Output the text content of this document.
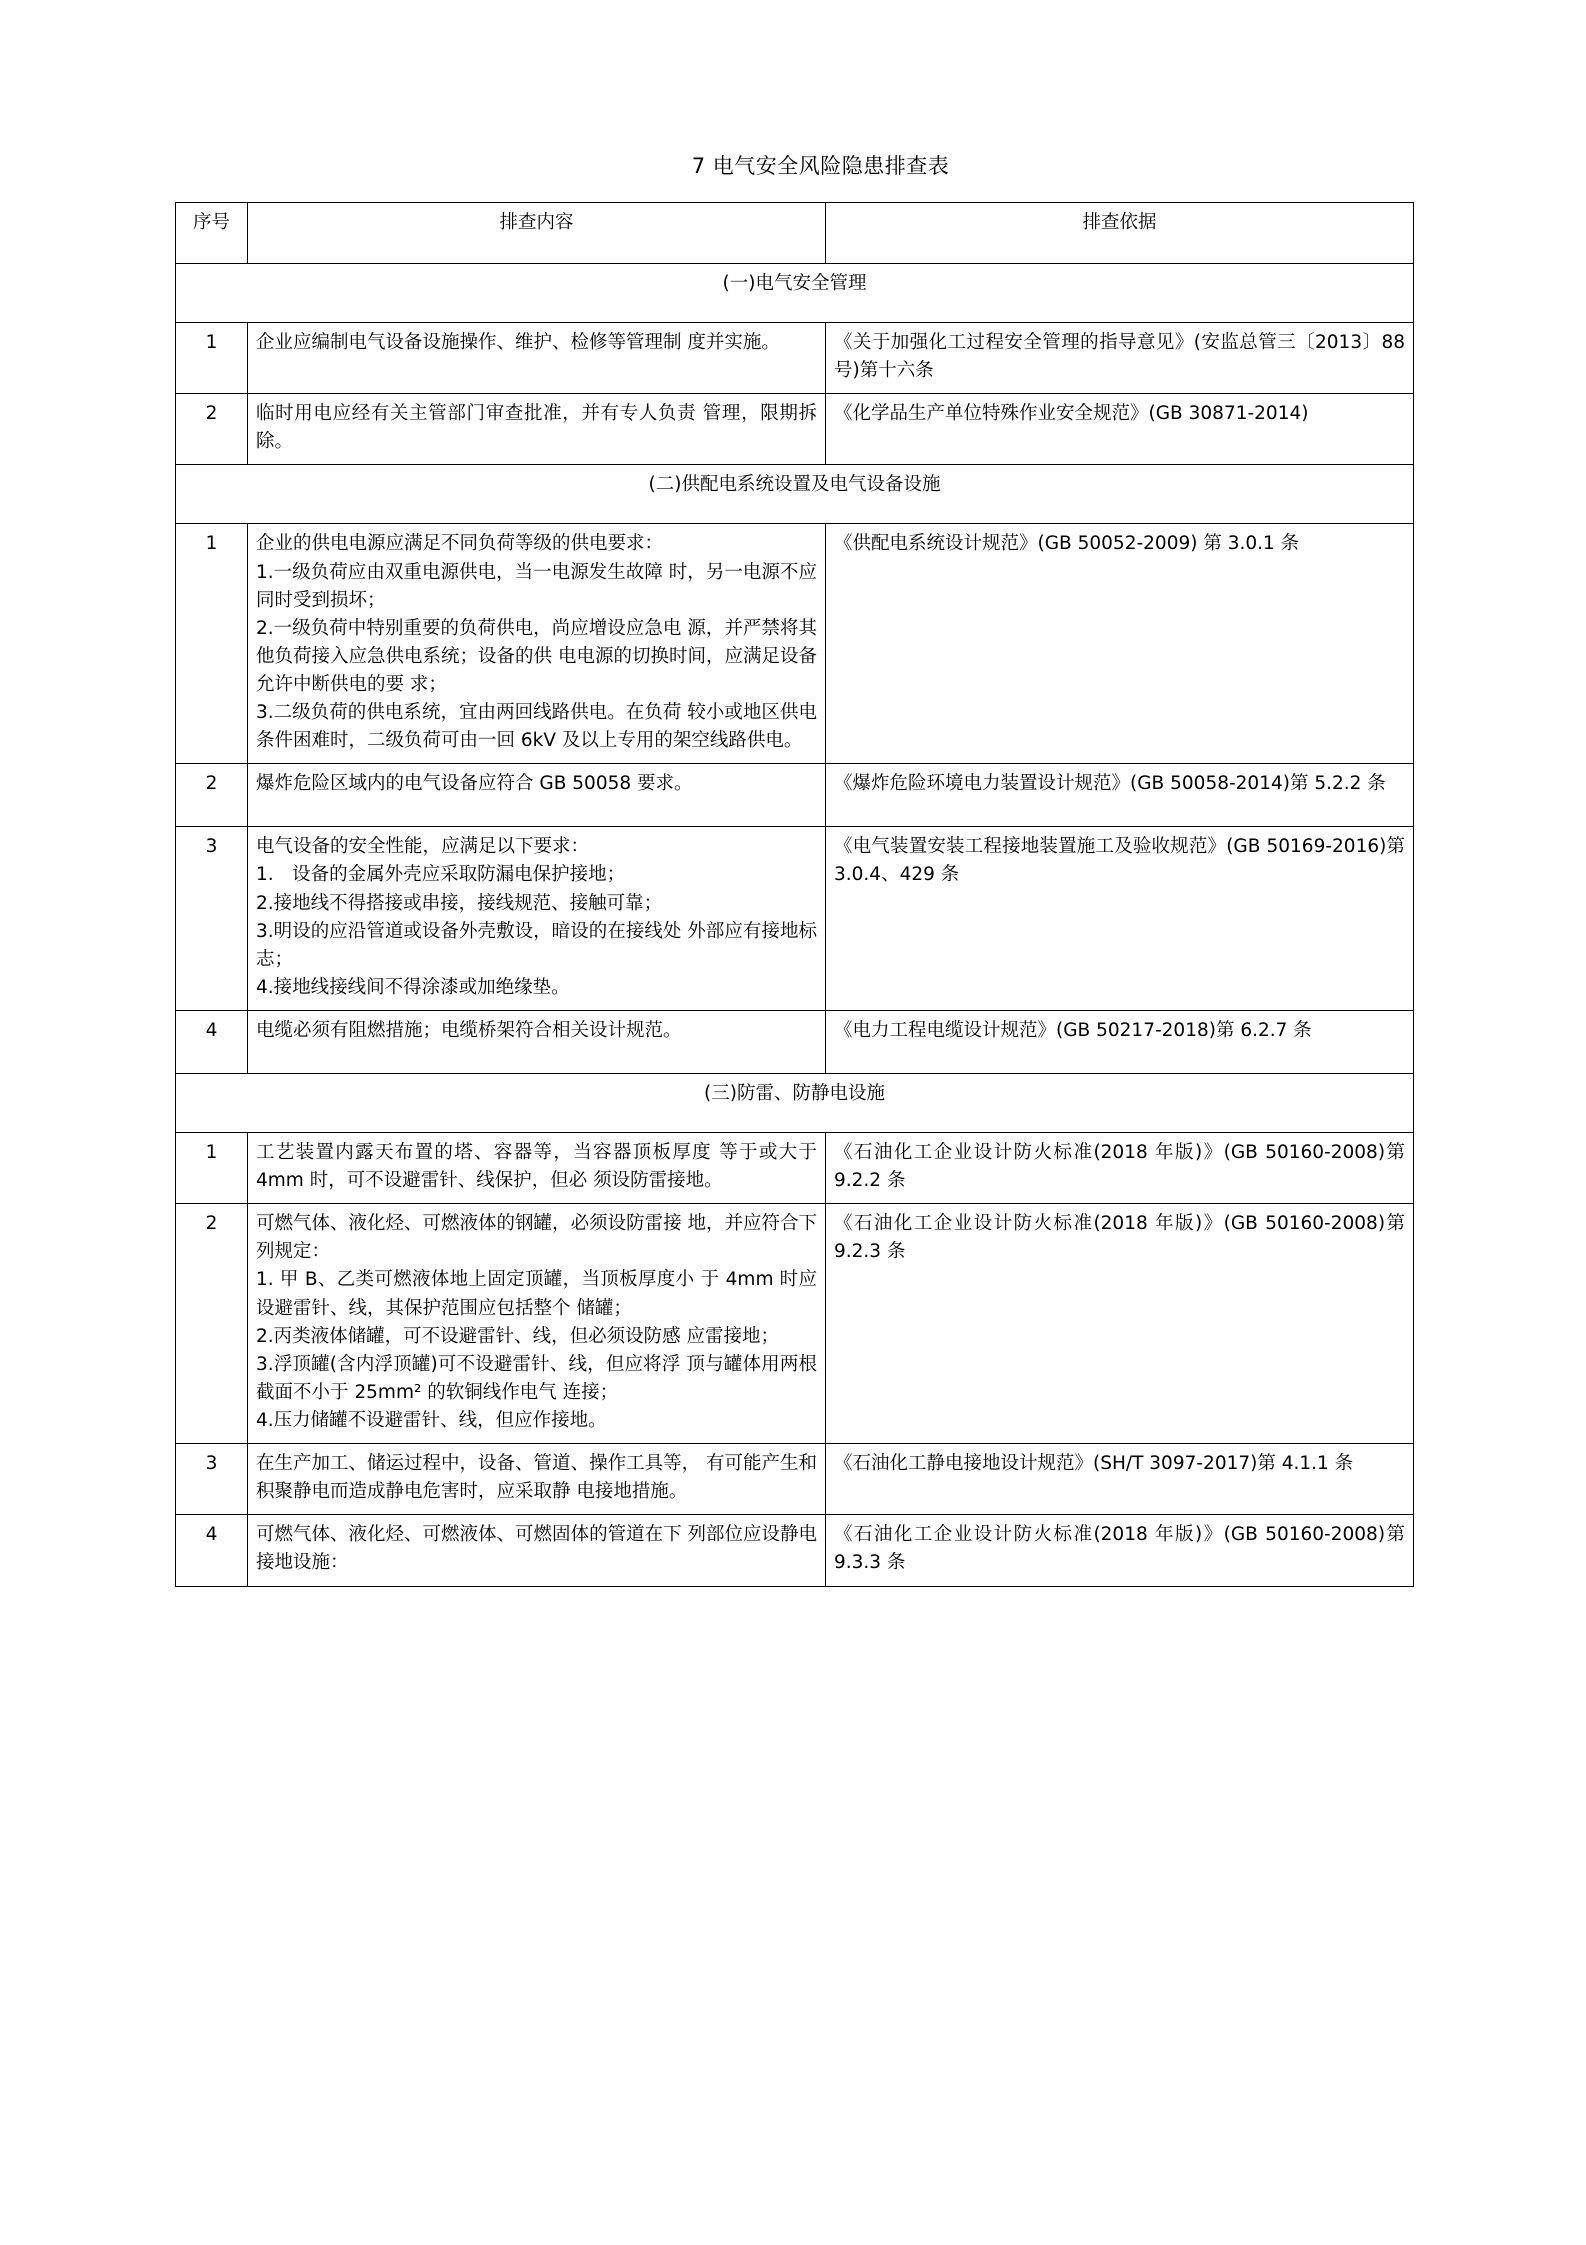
7 电气安全风险隐患排查表
序号	排查内容	排查依据
(一)电气安全管理		
1	企业应编制电气设备设施操作、维护、检修等管理制 度并实施。	《关于加强化工过程安全管理的指导意见》(安监总管三〔2013〕88 号)第十六条
2	临时用电应经有关主管部门审查批准，并有专人负责 管理，限期拆除。	《化学品生产单位特殊作业安全规范》(GB 30871-2014)
(二)供配电系统设置及电气设备设施		
1	企业的供电电源应满足不同负荷等级的供电要求：
1.一级负荷应由双重电源供电，当一电源发生故障 时，另一电源不应同时受到损坏；
2.一级负荷中特别重要的负荷供电，尚应增设应急电 源，并严禁将其他负荷接入应急供电系统；设备的供 电电源的切换时间，应满足设备允许中断供电的要 求；
3.二级负荷的供电系统，宜由两回线路供电。在负荷 较小或地区供电条件困难时，二级负荷可由一回 6kV 及以上专用的架空线路供电。	《供配电系统设计规范》(GB 50052-2009) 第 3.0.1 条
2	爆炸危险区域内的电气设备应符合 GB 50058 要求。	《爆炸危险环境电力装置设计规范》(GB 50058-2014)第 5.2.2 条
3	电气设备的安全性能，应满足以下要求：
1.　设备的金属外壳应采取防漏电保护接地；
2.接地线不得搭接或串接，接线规范、接触可靠；
3.明设的应沿管道或设备外壳敷设，暗设的在接线处 外部应有接地标志；
4.接地线接线间不得涂漆或加绝缘垫。	《电气装置安装工程接地装置施工及验收规范》(GB 50169-2016)第 3.0.4、429 条
4	电缆必须有阻燃措施；电缆桥架符合相关设计规范。	《电力工程电缆设计规范》(GB 50217-2018)第 6.2.7 条
(三)防雷、防静电设施		
1	工艺装置内露天布置的塔、容器等，当容器顶板厚度 等于或大于 4mm 时，可不设避雷针、线保护，但必 须设防雷接地。	《石油化工企业设计防火标准(2018 年版)》(GB 50160-2008)第 9.2.2 条
2	可燃气体、液化烃、可燃液体的钢罐，必须设防雷接 地，并应符合下列规定：
1. 甲 B、乙类可燃液体地上固定顶罐，当顶板厚度小 于 4mm 时应设避雷针、线，其保护范围应包括整个 储罐；
2.丙类液体储罐，可不设避雷针、线，但必须设防感 应雷接地；
3.浮顶罐(含内浮顶罐)可不设避雷针、线，但应将浮 顶与罐体用两根截面不小于 25mm² 的软铜线作电气 连接；
4.压力储罐不设避雷针、线，但应作接地。	《石油化工企业设计防火标准(2018 年版)》(GB 50160-2008)第 9.2.3 条
3	在生产加工、储运过程中，设备、管道、操作工具等， 有可能产生和积聚静电而造成静电危害时，应采取静 电接地措施。	《石油化工静电接地设计规范》(SH/T 3097-2017)第 4.1.1 条
4	可燃气体、液化烃、可燃液体、可燃固体的管道在下 列部位应设静电接地设施：	《石油化工企业设计防火标准(2018 年版)》(GB 50160-2008)第 9.3.3 条
